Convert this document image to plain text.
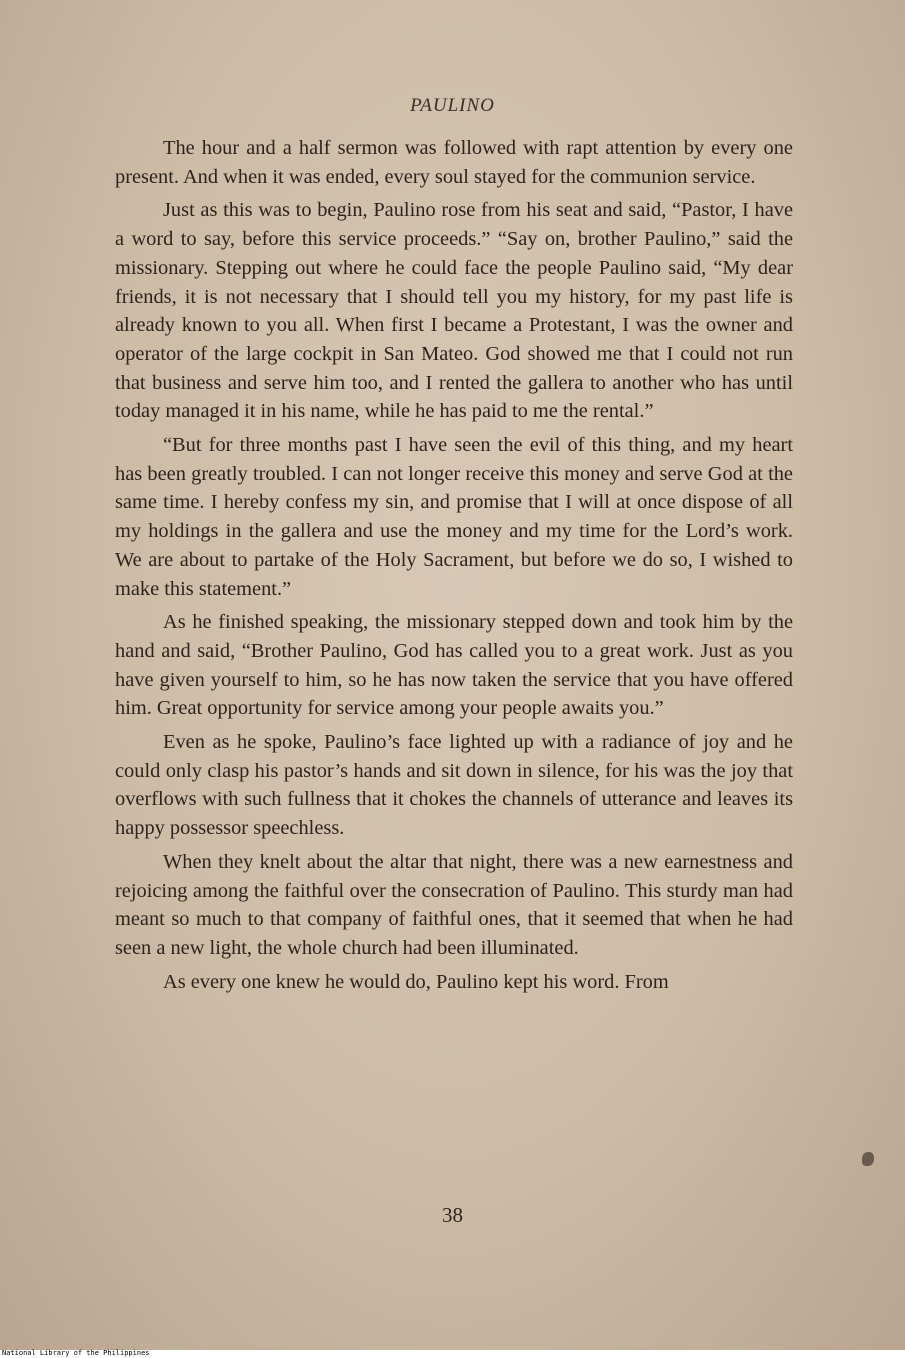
PAULINO

The hour and a half sermon was followed with rapt attention by every one present. And when it was ended, every soul stayed for the communion service.

Just as this was to begin, Paulino rose from his seat and said, “Pastor, I have a word to say, before this service proceeds.” “Say on, brother Paulino,” said the missionary. Stepping out where he could face the people Paulino said, “My dear friends, it is not necessary that I should tell you my history, for my past life is already known to you all. When first I became a Protestant, I was the owner and operator of the large cockpit in San Mateo. God showed me that I could not run that business and serve him too, and I rented the gallera to another who has until today managed it in his name, while he has paid to me the rental.”

“But for three months past I have seen the evil of this thing, and my heart has been greatly troubled. I can not longer receive this money and serve God at the same time. I hereby confess my sin, and promise that I will at once dispose of all my holdings in the gallera and use the money and my time for the Lord’s work. We are about to partake of the Holy Sacrament, but before we do so, I wished to make this statement.”

As he finished speaking, the missionary stepped down and took him by the hand and said, “Brother Paulino, God has called you to a great work. Just as you have given yourself to him, so he has now taken the service that you have offered him. Great opportunity for service among your people awaits you.”

Even as he spoke, Paulino’s face lighted up with a radiance of joy and he could only clasp his pastor’s hands and sit down in silence, for his was the joy that overflows with such fullness that it chokes the channels of utterance and leaves its happy possessor speechless.

When they knelt about the altar that night, there was a new earnestness and rejoicing among the faithful over the consecration of Paulino. This sturdy man had meant so much to that company of faithful ones, that it seemed that when he had seen a new light, the whole church had been illuminated.

As every one knew he would do, Paulino kept his word. From

38
National Library of the Philippines
